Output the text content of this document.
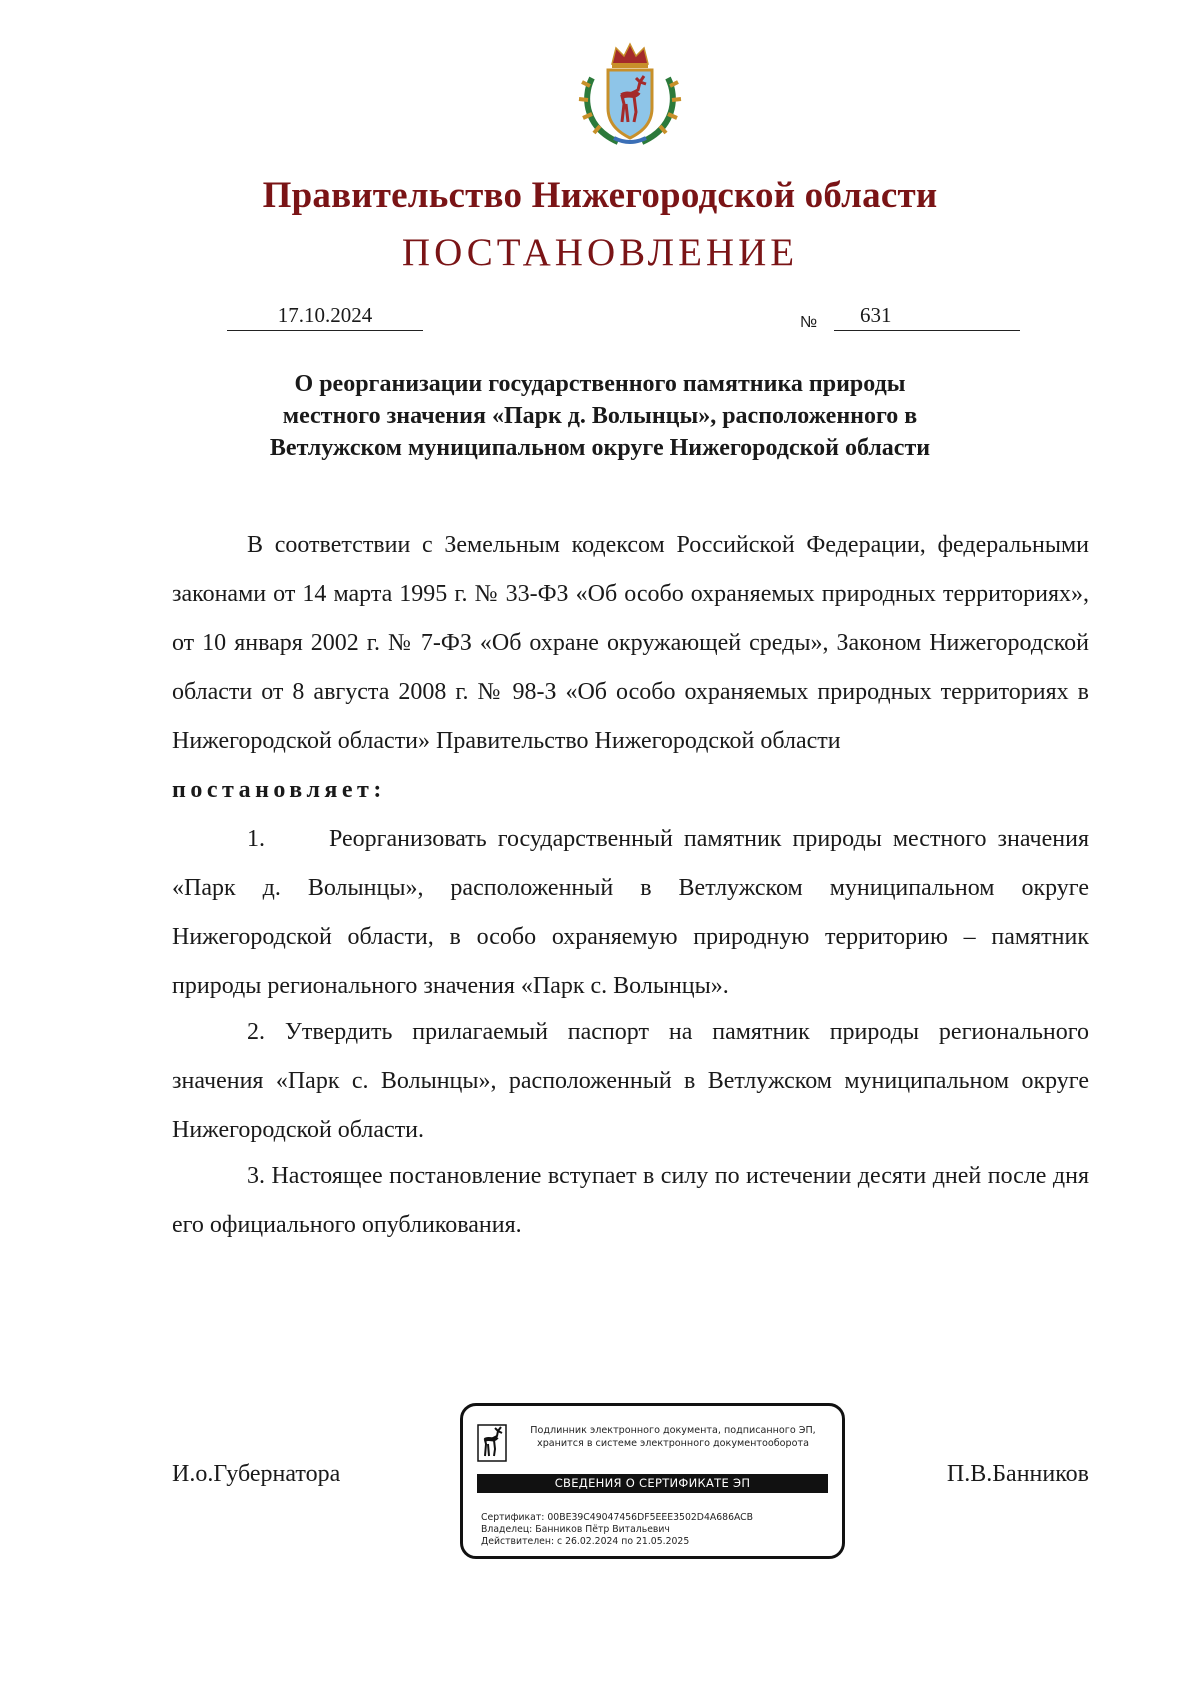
Правительство Нижегородской области
ПОСТАНОВЛЕНИЕ
17.10.2024	№	631
О реорганизации государственного памятника природы
местного значения «Парк д. Волынцы», расположенного в
Ветлужском муниципальном округе Нижегородской области

В соответствии с Земельным кодексом Российской Федерации, федеральными законами от 14 марта 1995 г. № 33-ФЗ «Об особо охраняемых природных территориях», от 10 января 2002 г. № 7-ФЗ «Об охране окружающей среды», Законом Нижегородской области от 8 августа 2008 г. № 98-З «Об особо охраняемых природных территориях в Нижегородской области» Правительство Нижегородской области

постановляет:

1.	Реорганизовать государственный памятник природы местного значения «Парк д. Волынцы», расположенный в Ветлужском муниципальном округе Нижегородской области, в особо охраняемую природную территорию – памятник природы регионального значения «Парк с. Волынцы».

2. Утвердить прилагаемый паспорт на памятник природы регионального значения «Парк с. Волынцы», расположенный в Ветлужском муниципальном округе Нижегородской области.

3. Настоящее постановление вступает в силу по истечении десяти дней после дня его официального опубликования.

И.о.Губернатора	П.В.Банников
Подлинник электронного документа, подписанного ЭП,
хранится в системе электронного документооборота
СВЕДЕНИЯ О СЕРТИФИКАТЕ ЭП
Сертификат: 00BE39C49047456DF5EEE3502D4A686ACB
Владелец: Банников Пётр Витальевич
Действителен: с 26.02.2024 по 21.05.2025
